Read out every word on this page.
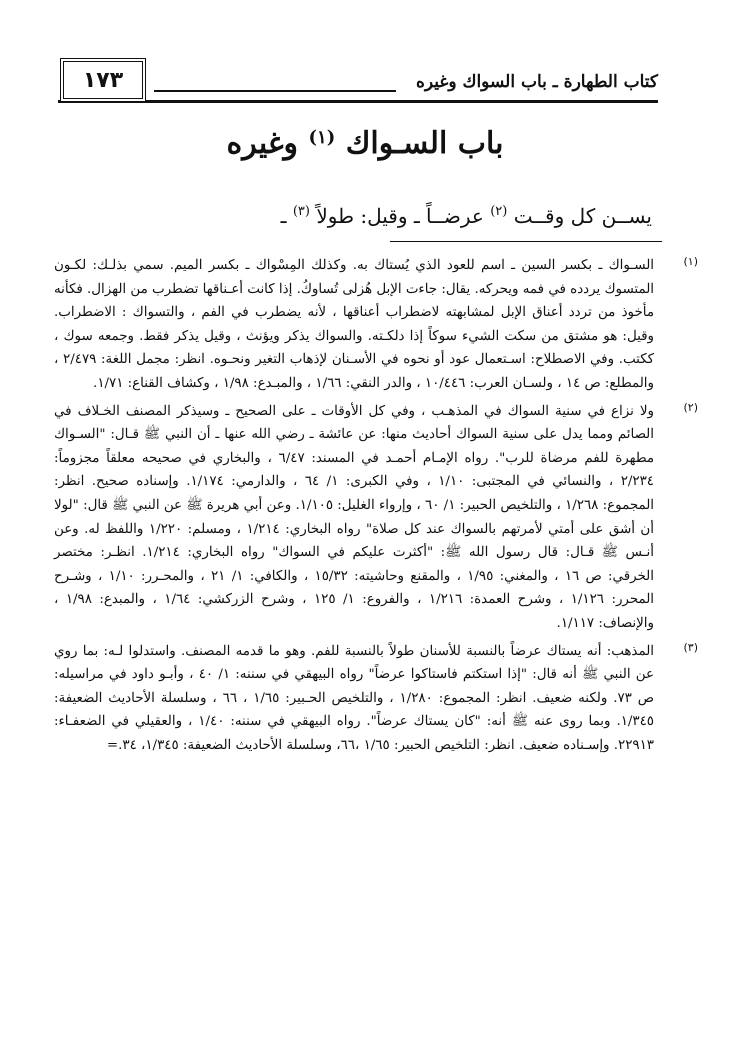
كتاب الطهارة ـ باب السواك وغيره
١٧٣
باب السـواك $^{(١)}$ وغيره
يســن كل وقــت $^{(٢)}$ عرضــاً ـ وقيل: طولاً $^{(٣)}$ ـ
(١)

السـواك ـ بكسر السين ـ اسم للعود الذي يُستاك به. وكذلك المِسْواك ـ بكسر الميم. سمي بذلـك: لكـون المتسوك يردده في فمه ويحركه. يقال: جاءت الإبل هُزلى تُساوكُ. إذا كانت أعـناقها تضطرب من الهزال. فكأنه مأخوذ من تردد أعناق الإبل لمشابهته لاضطراب أعناقها ، لأنه يضطرب في الفم ، والتسواك : الاضطراب. وقيل: هو مشتق من سكت الشيء سوكاً إذا دلكـته. والسواك يذكر ويؤنث ، وقيل يذكر فقط. وجمعه سوك ، ككتب. وفي الاصطلاح: اسـتعمال عود أو نحوه في الأسـنان لإذهاب التغير ونحـوه. انظر: مجمل اللغة: ٢/٤٧٩ ، والمطلع: ص ١٤ ، ولسـان العرب: ١٠/٤٤٦ ، والدر النقي: ١/٦٦ ، والمبـدع: ١/٩٨ ، وكشاف القناع: ١/٧١.

(٢)

ولا نزاع في سنية السواك في المذهـب ، وفي كل الأوقات ـ على الصحيح ـ وسيذكر المصنف الخـلاف في الصائم ومما يدل على سنية السواك أحاديث منها: عن عائشة ـ رضي الله عنها ـ أن النبي ﷺ قـال: "السـواك مطهرة للفم مرضاة للرب". رواه الإمـام أحمـد في المسند: ٦/٤٧ ، والبخاري في صحيحه معلقاً مجزوماً: ٢/٢٣٤ ، والنسائي في المجتبى: ١/١٠ ، وفي الكبرى: ١/ ٦٤ ، والدارمي: ١/١٧٤. وإسناده صحيح. انظر: المجموع: ١/٢٦٨ ، والتلخيص الحبير: ١/ ٦٠ ، وإرواء الغليل: ١/١٠٥. وعن أبي هريرة ﷺ عن النبي ﷺ قال: "لولا أن أشق على أمتي لأمرتهم بالسواك عند كل صلاة" رواه البخاري: ١/٢١٤ ، ومسلم: ١/٢٢٠ واللفظ له. وعن أنـس ﷺ قـال: قال رسول الله ﷺ: "أكثرت عليكم في السواك" رواه البخاري: ١/٢١٤. انظـر: مختصر الخرقي: ص ١٦ ، والمغني: ١/٩٥ ، والمقنع وحاشيته: ١٥/٣٢ ، والكافي: ١/ ٢١ ، والمحـرر: ١/١٠ ، وشـرح المحرر: ١/١٢٦ ، وشرح العمدة: ١/٢١٦ ، والفروع: ١/ ١٢٥ ، وشرح الزركشي: ١/٦٤ ، والمبدع: ١/٩٨ ، والإنصاف: ١/١١٧.

(٣)

المذهب: أنه يستاك عرضاً بالنسبة للأسنان طولاً بالنسبة للفم. وهو ما قدمه المصنف. واستدلوا لـه: بما روي عن النبي ﷺ أنه قال: "إذا استكتم فاستاكوا عرضاً" رواه البيهقي في سننه: ١/ ٤٠ ، وأبـو داود في مراسيله: ص ٧٣. ولكنه ضعيف. انظر: المجموع: ١/٢٨٠ ، والتلخيص الحـبير: ١/٦٥ ، ٦٦ ، وسلسلة الأحاديث الضعيفة: ١/٣٤٥. وبما روى عنه ﷺ أنه: "كان يستاك عرضاً". رواه البيهقي في سننه: ١/٤٠ ، والعقيلي في الضعفـاء: ٢٢٩١٣. وإسـناده ضعيف. انظر: التلخيص الحبير: ١/٦٥ ،٦٦، وسلسلة الأحاديث الضعيفة: ١/٣٤٥، ٣٤.=
